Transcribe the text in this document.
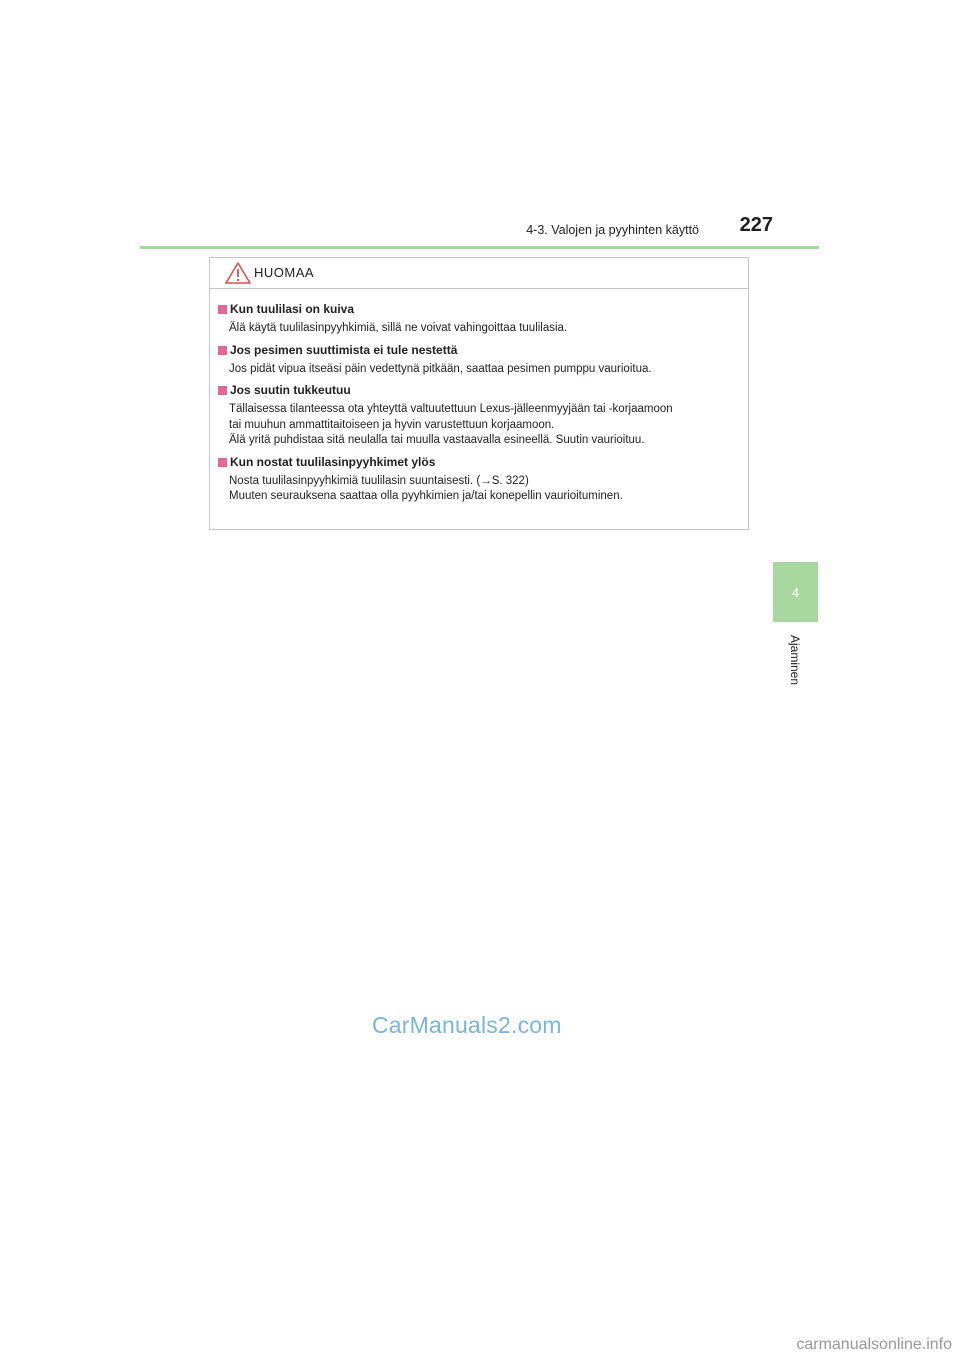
4-3. Valojen ja pyyhinten käyttö 227
4
Ajaminen
HUOMAA
Kun tuulilasi on kuiva
Älä käytä tuulilasinpyyhkimiä, sillä ne voivat vahingoittaa tuulilasia.
Jos pesimen suuttimista ei tule nestettä
Jos pidät vipua itseäsi päin vedettynä pitkään, saattaa pesimen pumppu vaurioitua.
Jos suutin tukkeutuu
Tällaisessa tilanteessa ota yhteyttä valtuutettuun Lexus-jälleenmyyjään tai -korjaamoon
tai muuhun ammattitaitoiseen ja hyvin varustettuun korjaamoon.
Älä yritä puhdistaa sitä neulalla tai muulla vastaavalla esineellä. Suutin vaurioituu.
Kun nostat tuulilasinpyyhkimet ylös
Nosta tuulilasinpyyhkimiä tuulilasin suuntaisesti. (→S. 322)
Muuten seurauksena saattaa olla pyyhkimien ja/tai konepellin vaurioituminen.
CarManuals2.com
carmanualsonline.info
